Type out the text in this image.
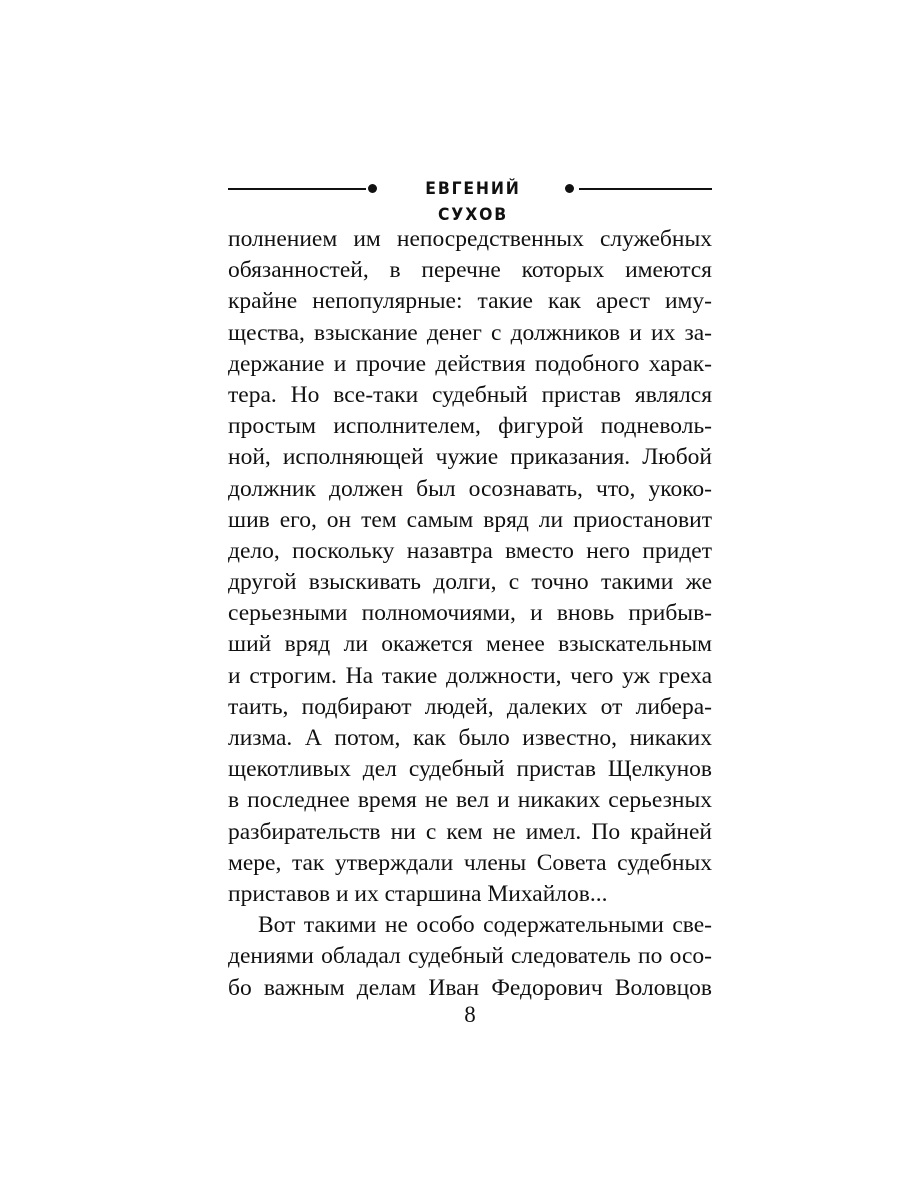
ЕВГЕНИЙ СУХОВ
полнением им непосредственных служебных
обязанностей, в перечне которых имеются
крайне непопулярные: такие как арест иму-
щества, взыскание денег с должников и их за-
держание и прочие действия подобного харак-
тера. Но все-таки судебный пристав являлся
простым исполнителем, фигурой подневоль-
ной, исполняющей чужие приказания. Любой
должник должен был осознавать, что, укоко-
шив его, он тем самым вряд ли приостановит
дело, поскольку назавтра вместо него придет
другой взыскивать долги, с точно такими же
серьезными полномочиями, и вновь прибыв-
ший вряд ли окажется менее взыскательным
и строгим. На такие должности, чего уж греха
таить, подбирают людей, далеких от либера-
лизма. А потом, как было известно, никаких
щекотливых дел судебный пристав Щелкунов
в последнее время не вел и никаких серьезных
разбирательств ни с кем не имел. По крайней
мере, так утверждали члены Совета судебных
приставов и их старшина Михайлов...
Вот такими не особо содержательными све-
дениями обладал судебный следователь по осо-
бо важным делам Иван Федорович Воловцов
8
